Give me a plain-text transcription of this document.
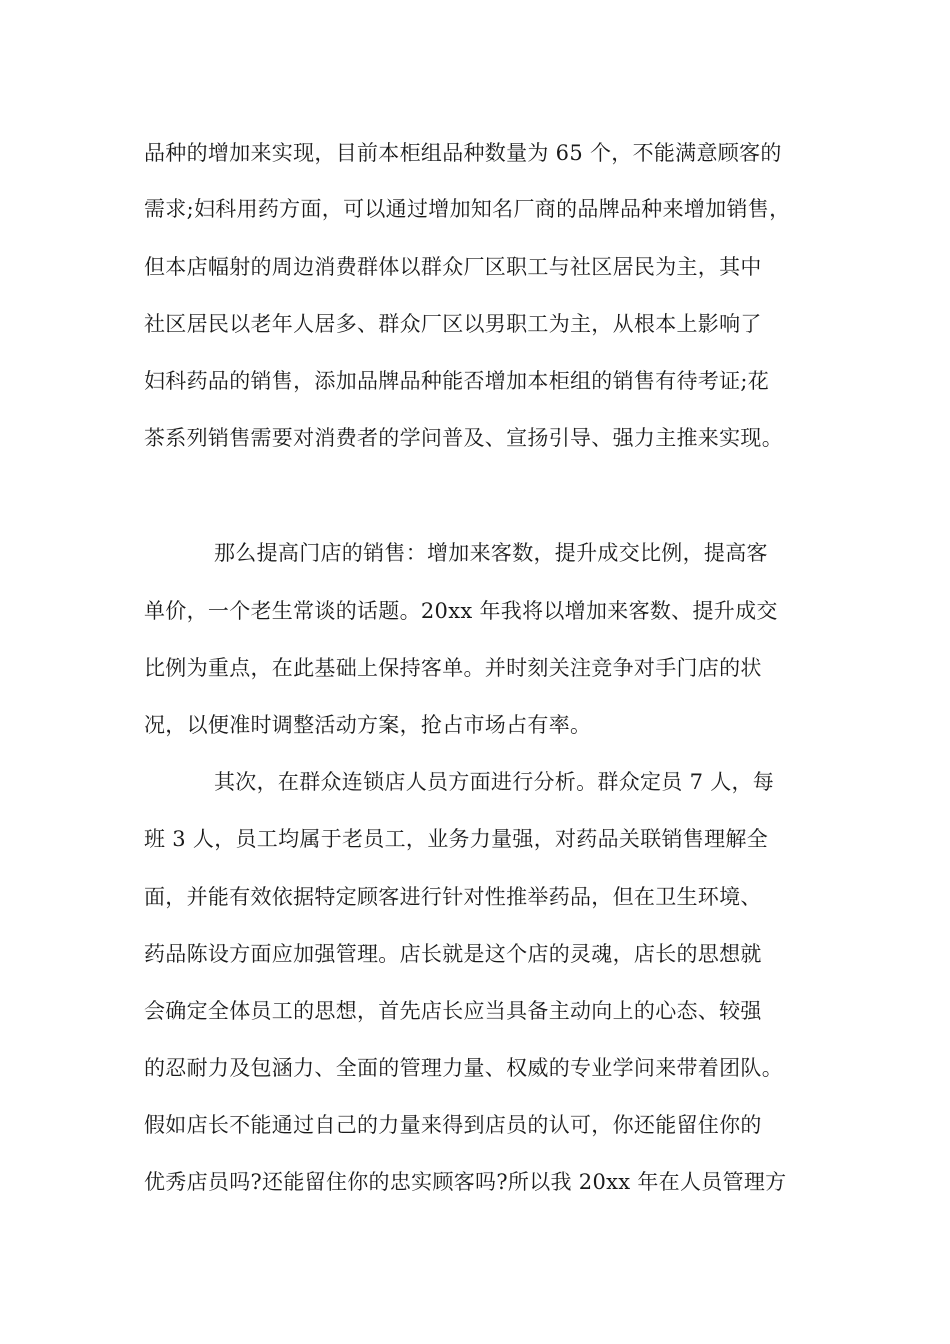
品种的增加来实现，目前本柜组品种数量为 65 个，不能满意顾客的
需求;妇科用药方面，可以通过增加知名厂商的品牌品种来增加销售，
但本店幅射的周边消费群体以群众厂区职工与社区居民为主，其中
社区居民以老年人居多、群众厂区以男职工为主，从根本上影响了
妇科药品的销售，添加品牌品种能否增加本柜组的销售有待考证;花
茶系列销售需要对消费者的学问普及、宣扬引导、强力主推来实现。
那么提高门店的销售：增加来客数，提升成交比例，提高客
单价，一个老生常谈的话题。20xx 年我将以增加来客数、提升成交
比例为重点，在此基础上保持客单。并时刻关注竞争对手门店的状
况，以便准时调整活动方案，抢占市场占有率。
其次，在群众连锁店人员方面进行分析。群众定员 7 人，每
班 3 人，员工均属于老员工，业务力量强，对药品关联销售理解全
面，并能有效依据特定顾客进行针对性推举药品，但在卫生环境、
药品陈设方面应加强管理。店长就是这个店的灵魂，店长的思想就
会确定全体员工的思想，首先店长应当具备主动向上的心态、较强
的忍耐力及包涵力、全面的管理力量、权威的专业学问来带着团队。
假如店长不能通过自己的力量来得到店员的认可，你还能留住你的
优秀店员吗?还能留住你的忠实顾客吗?所以我 20xx 年在人员管理方
